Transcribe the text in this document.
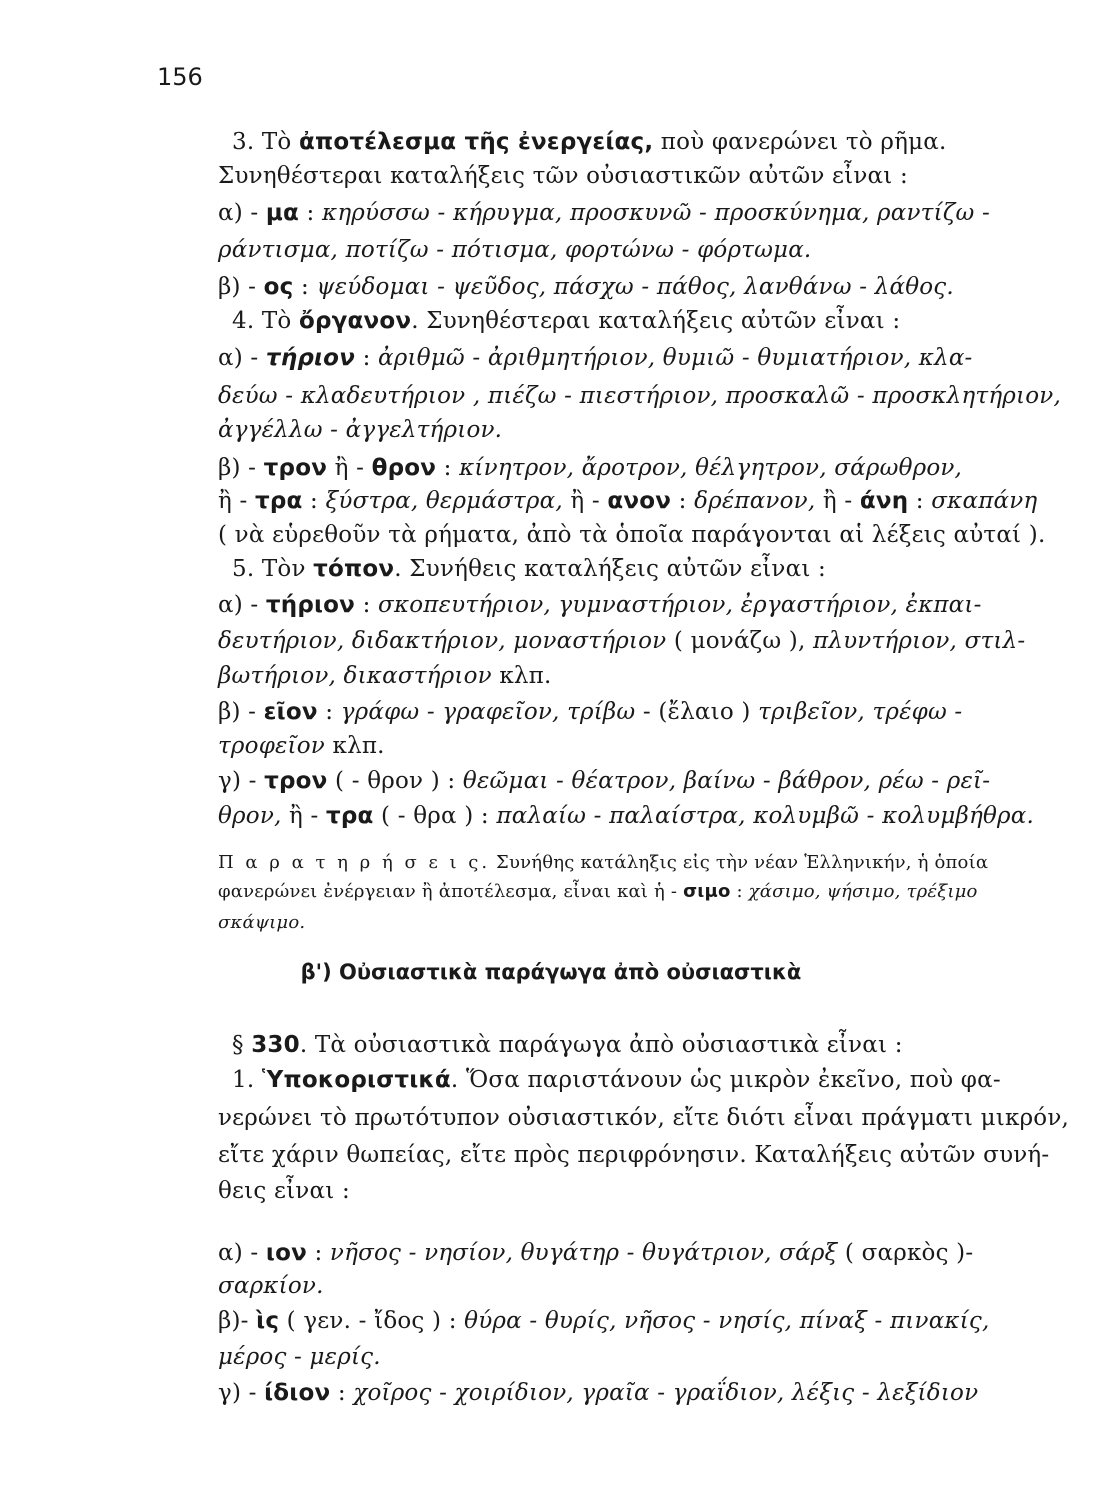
156
3. Τὸ ἀποτέλεσμα τῆς ἐνεργείας, ποὺ φανερώνει τὸ ρῆμα.
Συνηθέστεραι καταλήξεις τῶν οὐσιαστικῶν αὐτῶν εἶναι :
α) - μα : κηρύσσω - κήρυγμα, προσκυνῶ - προσκύνημα, ραντίζω -
ράντισμα, ποτίζω - πότισμα, φορτώνω - φόρτωμα.
β) - ος : ψεύδομαι - ψεῦδος, πάσχω - πάθος, λανθάνω - λάθος.
4. Τὸ ὄργανον. Συνηθέστεραι καταλήξεις αὐτῶν εἶναι :
α) - τήριον : ἀριθμῶ - ἀριθμητήριον, θυμιῶ - θυμιατήριον, κλα-
δεύω - κλαδευτήριον , πιέζω - πιεστήριον, προσκαλῶ - προσκλητήριον,
ἀγγέλλω - ἀγγελτήριον.
β) - τρον ἢ - θρον : κίνητρον, ἄροτρον, θέλγητρον, σάρωθρον,
ἢ - τρα : ξύστρα, θερμάστρα, ἢ - ανον : δρέπανον, ἢ - άνη : σκαπάνη
( νὰ εὑρεθοῦν τὰ ρήματα, ἀπὸ τὰ ὁποῖα παράγονται αἱ λέξεις αὐταί ).
5. Τὸν τόπον. Συνήθεις καταλήξεις αὐτῶν εἶναι :
α) - τήριον : σκοπευτήριον, γυμναστήριον, ἐργαστήριον, ἐκπαι-
δευτήριον, διδακτήριον, μοναστήριον ( μονάζω ), πλυντήριον, στιλ-
βωτήριον, δικαστήριον κλπ.
β) - εῖον : γράφω - γραφεῖον, τρίβω - (ἔλαιο ) τριβεῖον, τρέφω -
τροφεῖον κλπ.
γ) - τρον ( - θρον ) : θεῶμαι - θέατρον, βαίνω - βάθρον, ρέω - ρεῖ-
θρον, ἢ - τρα ( - θρα ) : παλαίω - παλαίστρα, κολυμβῶ - κολυμβήθρα.
Π α ρ α τ η ρ ή σ ε ι ς. Συνήθης κατάληξις εἰς τὴν νέαν Ἑλληνικήν, ἡ ὁποία
φανερώνει ἐνέργειαν ἢ ἀποτέλεσμα, εἶναι καὶ ἡ - σιμο : χάσιμο, ψήσιμο, τρέξιμο
σκάψιμο.
β') Οὐσιαστικὰ παράγωγα ἀπὸ οὐσιαστικὰ
§ 330. Τὰ οὐσιαστικὰ παράγωγα ἀπὸ οὐσιαστικὰ εἶναι :
1. Ὑποκοριστικά. Ὅσα παριστάνουν ὡς μικρὸν ἐκεῖνο, ποὺ φα-
νερώνει τὸ πρωτότυπον οὐσιαστικόν, εἴτε διότι εἶναι πράγματι μικρόν,
εἴτε χάριν θωπείας, εἴτε πρὸς περιφρόνησιν. Καταλήξεις αὐτῶν συνή-
θεις εἶναι :
α) - ιον : νῆσος - νησίον, θυγάτηρ - θυγάτριον, σάρξ ( σαρκὸς )-
σαρκίον.
β)- ὶς ( γεν. - ἴδος ) : θύρα - θυρίς, νῆσος - νησίς, πίναξ - πινακίς,
μέρος - μερίς.
γ) - ίδιον : χοῖρος - χοιρίδιον, γραῖα - γραΐδιον, λέξις - λεξίδιον
